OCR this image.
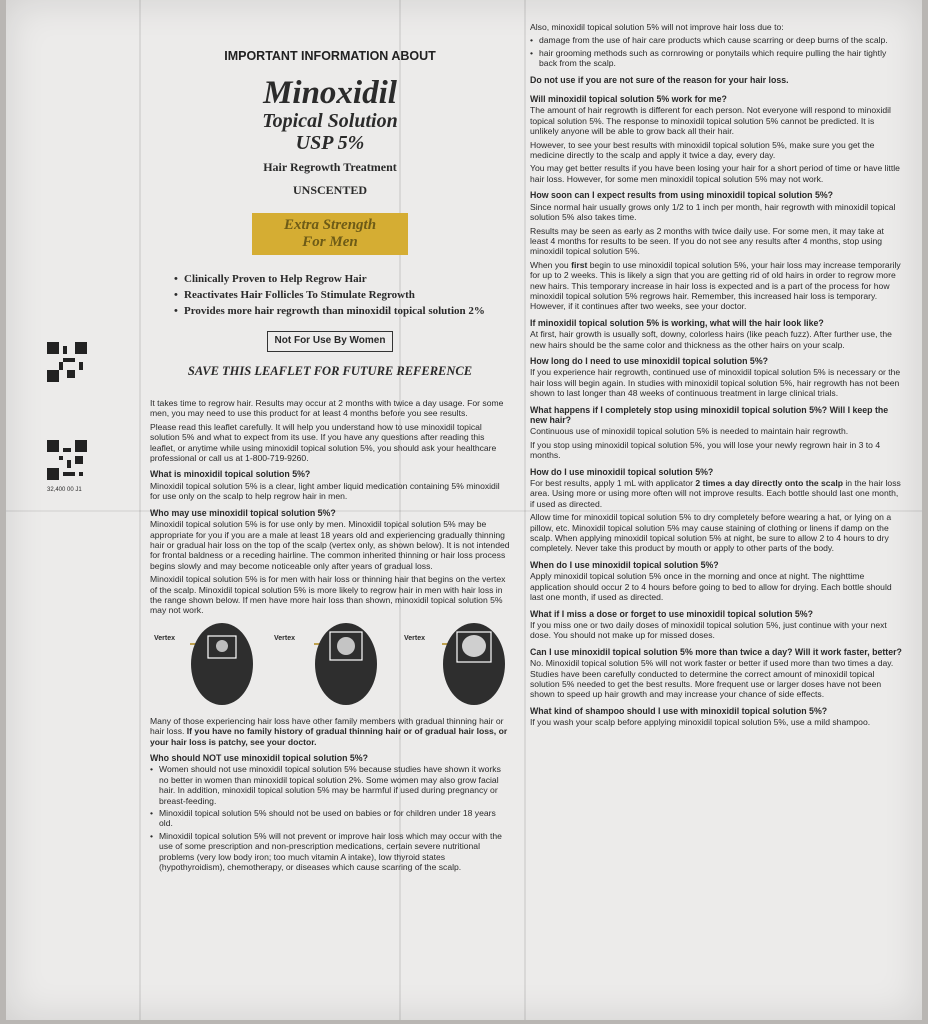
32,400 00 J1
IMPORTANT INFORMATION ABOUT
Minoxidil
Topical Solution
USP 5%
Hair Regrowth Treatment
UNSCENTED
Extra Strength
For Men
• Clinically Proven to Help Regrow Hair
• Reactivates Hair Follicles To Stimulate Regrowth
• Provides more hair regrowth than minoxidil topical solution 2%
Not For Use By Women
SAVE THIS LEAFLET FOR FUTURE REFERENCE

It takes time to regrow hair. Results may occur at 2 months with twice a day usage. For some men, you may need to use this product for at least 4 months before you see results.

Please read this leaflet carefully. It will help you understand how to use minoxidil topical solution 5% and what to expect from its use. If you have any questions after reading this leaflet, or anytime while using minoxidil topical solution 5%, you should ask your healthcare professional or call us at 1-800-719-9260.

What is minoxidil topical solution 5%?

Minoxidil topical solution 5% is a clear, light amber liquid medication containing 5% minoxidil for use only on the scalp to help regrow hair in men.

Who may use minoxidil topical solution 5%?

Minoxidil topical solution 5% is for use only by men. Minoxidil topical solution 5% may be appropriate for you if you are a male at least 18 years old and experiencing gradually thinning hair or gradual hair loss on the top of the scalp (vertex only, as shown below). It is not intended for frontal baldness or a receding hairline. The common inherited thinning or hair loss process begins slowly and may become noticeable only after years of gradual loss.

Minoxidil topical solution 5% is for men with hair loss or thinning hair that begins on the vertex of the scalp. Minoxidil topical solution 5% is more likely to regrow hair in men with hair loss in the range shown below. If men have more hair loss than shown, minoxidil topical solution 5% may not work.

Vertex	Vertex	Vertex

Many of those experiencing hair loss have other family members with gradual thinning hair or hair loss. If you have no family history of gradual thinning hair or of gradual hair loss, or your hair loss is patchy, see your doctor.

Who should NOT use minoxidil topical solution 5%?
• Women should not use minoxidil topical solution 5% because studies have shown it works no better in women than minoxidil topical solution 2%. Some women may also grow facial hair. In addition, minoxidil topical solution 5% may be harmful if used during pregnancy or breast-feeding.
• Minoxidil topical solution 5% should not be used on babies or for children under 18 years old.
• Minoxidil topical solution 5% will not prevent or improve hair loss which may occur with the use of some prescription and non-prescription medications, certain severe nutritional problems (very low body iron; too much vitamin A intake), low thyroid states (hypothyroidism), chemotherapy, or diseases which cause scarring of the scalp.

Also, minoxidil topical solution 5% will not improve hair loss due to:

• damage from the use of hair care products which cause scarring or deep burns of the scalp.
• hair grooming methods such as cornrowing or ponytails which require pulling the hair tightly back from the scalp.
Do not use if you are not sure of the reason for your hair loss.
Will minoxidil topical solution 5% work for me?

The amount of hair regrowth is different for each person. Not everyone will respond to minoxidil topical solution 5%. The response to minoxidil topical solution 5% cannot be predicted. It is unlikely anyone will be able to grow back all their hair.

However, to see your best results with minoxidil topical solution 5%, make sure you get the medicine directly to the scalp and apply it twice a day, every day.

You may get better results if you have been losing your hair for a short period of time or have little hair loss. However, for some men minoxidil topical solution 5% may not work.

How soon can I expect results from using minoxidil topical solution 5%?

Since normal hair usually grows only 1/2 to 1 inch per month, hair regrowth with minoxidil topical solution 5% also takes time.

Results may be seen as early as 2 months with twice daily use. For some men, it may take at least 4 months for results to be seen. If you do not see any results after 4 months, stop using minoxidil topical solution 5%.

When you first begin to use minoxidil topical solution 5%, your hair loss may increase temporarily for up to 2 weeks. This is likely a sign that you are getting rid of old hairs in order to regrow more new hairs. This temporary increase in hair loss is expected and is a part of the process for how minoxidil topical solution 5% regrows hair. Remember, this increased hair loss is temporary. However, if it continues after two weeks, see your doctor.

If minoxidil topical solution 5% is working, what will the hair look like?

At first, hair growth is usually soft, downy, colorless hairs (like peach fuzz). After further use, the new hairs should be the same color and thickness as the other hairs on your scalp.

How long do I need to use minoxidil topical solution 5%?

If you experience hair regrowth, continued use of minoxidil topical solution 5% is necessary or the hair loss will begin again. In studies with minoxidil topical solution 5%, hair regrowth has not been shown to last longer than 48 weeks of continuous treatment in large clinical trials.

What happens if I completely stop using minoxidil topical solution 5%? Will I keep the new hair?

Continuous use of minoxidil topical solution 5% is needed to maintain hair regrowth.

If you stop using minoxidil topical solution 5%, you will lose your newly regrown hair in 3 to 4 months.

How do I use minoxidil topical solution 5%?

For best results, apply 1 mL with applicator 2 times a day directly onto the scalp in the hair loss area. Using more or using more often will not improve results. Each bottle should last one month, if used as directed.

Allow time for minoxidil topical solution 5% to dry completely before wearing a hat, or lying on a pillow, etc. Minoxidil topical solution 5% may cause staining of clothing or linens if damp on the scalp. When applying minoxidil topical solution 5% at night, be sure to allow 2 to 4 hours to dry completely. Never take this product by mouth or apply to other parts of the body.

When do I use minoxidil topical solution 5%?

Apply minoxidil topical solution 5% once in the morning and once at night. The nighttime application should occur 2 to 4 hours before going to bed to allow for drying. Each bottle should last one month, if used as directed.

What if I miss a dose or forget to use minoxidil topical solution 5%?

If you miss one or two daily doses of minoxidil topical solution 5%, just continue with your next dose. You should not make up for missed doses.

Can I use minoxidil topical solution 5% more than twice a day? Will it work faster, better?

No. Minoxidil topical solution 5% will not work faster or better if used more than two times a day. Studies have been carefully conducted to determine the correct amount of minoxidil topical solution 5% needed to get the best results. More frequent use or larger doses have not been shown to speed up hair growth and may increase your chance of side effects.

What kind of shampoo should I use with minoxidil topical solution 5%?

If you wash your scalp before applying minoxidil topical solution 5%, use a mild shampoo.
